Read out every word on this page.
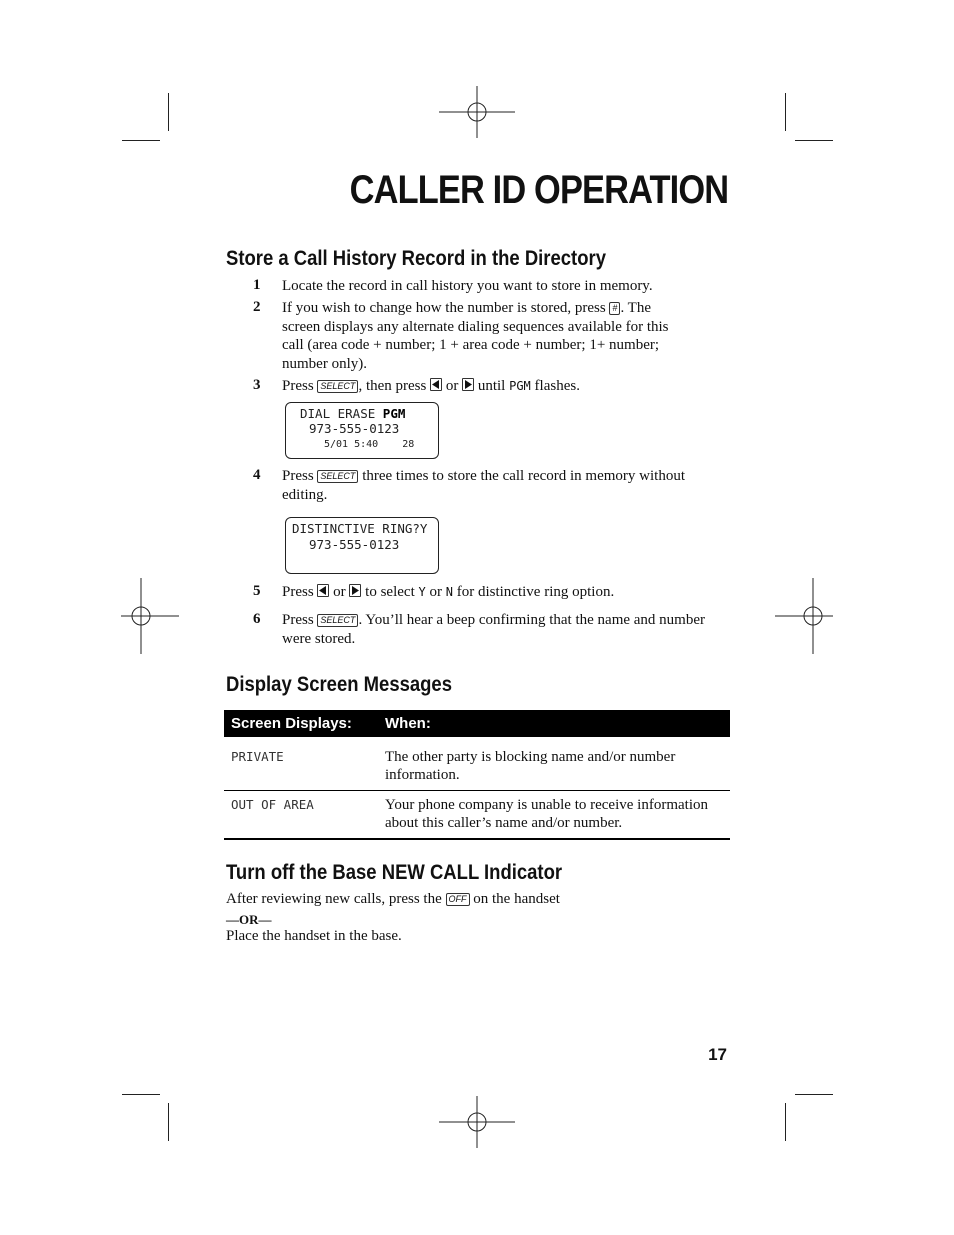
CALLER ID OPERATION
Store a Call History Record in the Directory
1 Locate the record in call history you want to store in memory.
2 If you wish to change how the number is stored, press # . The screen displays any alternate dialing sequences available for this call (area code + number; 1 + area code + number; 1+ number; number only).
3 Press SELECT , then press or until PGM flashes.

DIAL ERASE PGM

973-555-0123

5/01 5:40    28

4 Press SELECT three times to store the call record in memory without editing.

DISTINCTIVE RING?Y

973-555-0123

5 Press or to select Y or N for distinctive ring option.
6 Press SELECT . You’ll hear a beep confirming that the name and number were stored.
Display Screen Messages
Screen Displays: When:
PRIVATE	The other party is blocking name and/or number information.
OUT OF AREA	Your phone company is unable to receive information about this caller’s name and/or number.
Turn off the Base NEW CALL Indicator
After reviewing new calls, press the OFF on the handset
—OR—
Place the handset in the base.
17
